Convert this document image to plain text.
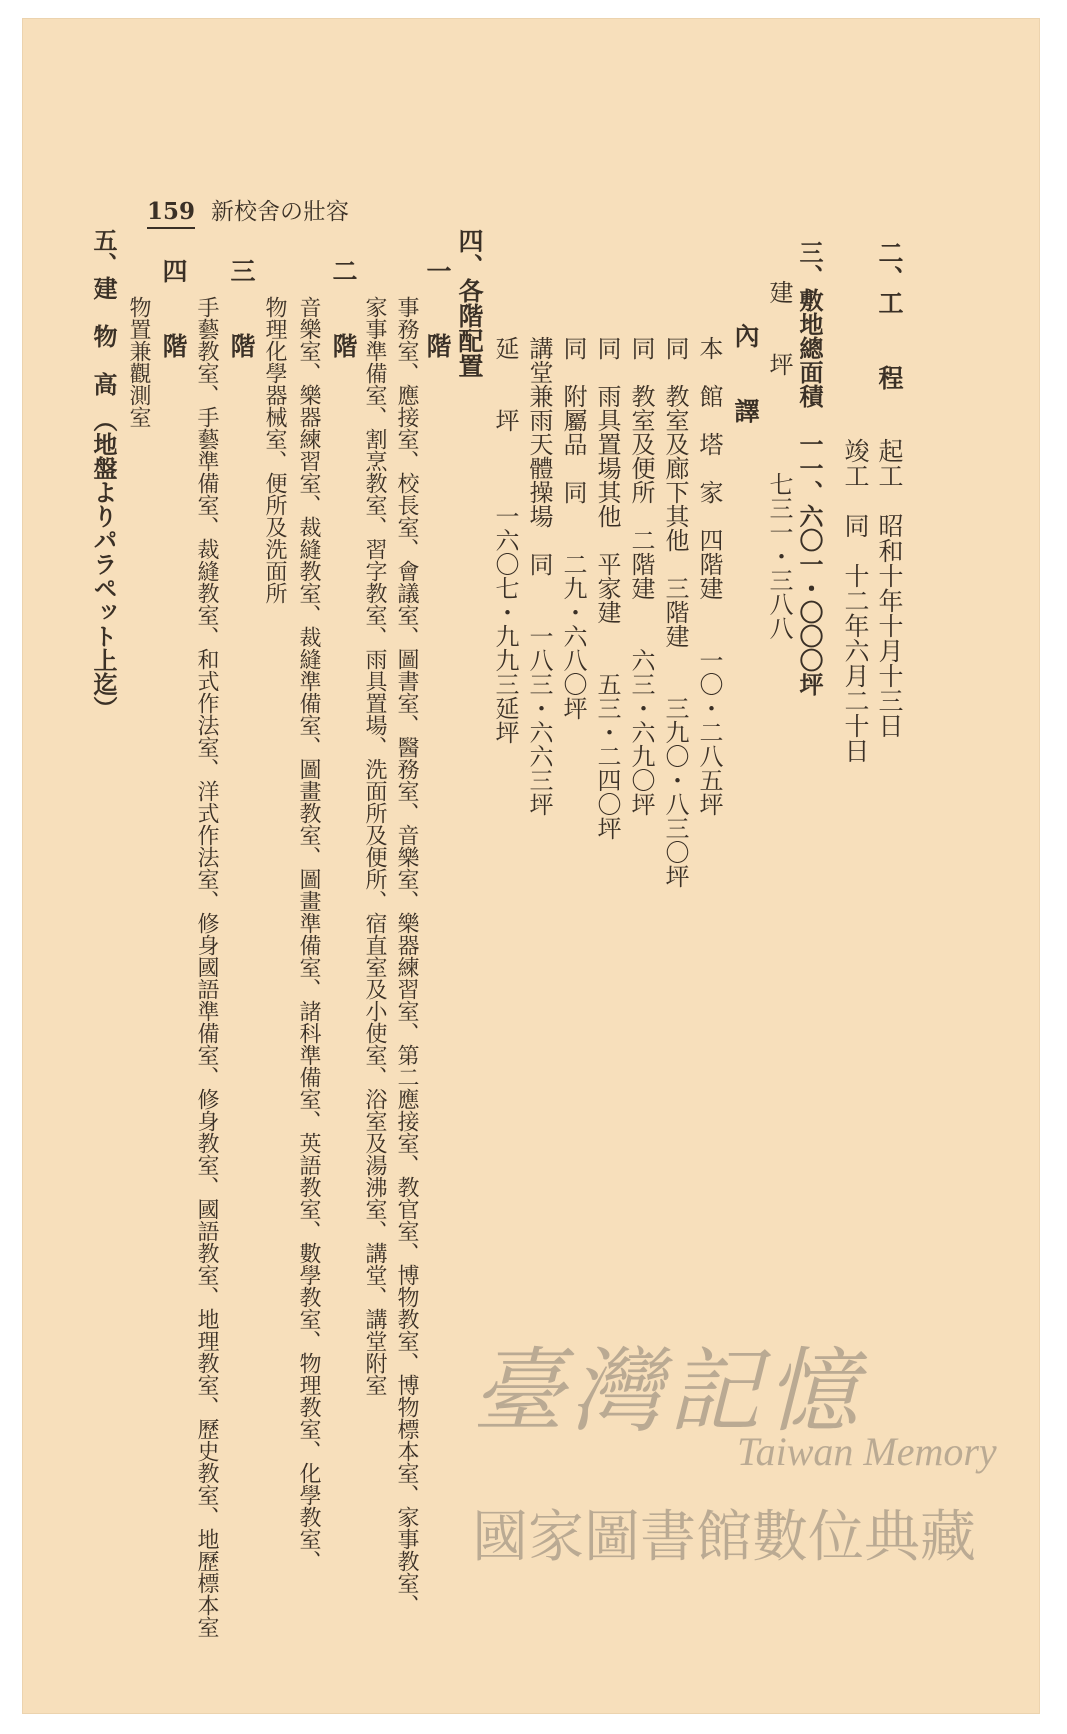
二、工　　程
起工　昭和十年十月十三日
竣工　同　十二年六月二十日
三、敷地總面積　一一、六〇一・〇〇〇坪
建　　坪　　　　七三一・三八八
內　　譯
本　館　塔　家　四階建　　一〇・二八五坪
同　教室及廊下其他　三階建　　三九〇・八三〇坪
同　教室及便所　二階建　　六三・六九〇坪
同　雨具置場其他　平家建　　五三・二四〇坪
同　附屬品　同　　二九・六八〇坪
講堂兼雨天體操場　同　　一八三・六六三坪
延　　坪　　　一六〇七・九九三延坪
四、各階配置
一　　階
事務室、應接室、校長室、會議室、圖書室、醫務室、音樂室、樂器練習室、第二應接室、教官室、博物教室、博物標本室、家事教室、
家事準備室、割烹教室、習字教室、雨具置場、洗面所及便所、宿直室及小使室、浴室及湯沸室、講堂、講堂附室
二　　階
音樂室、樂器練習室、裁縫教室、裁縫準備室、圖畫教室、圖畫準備室、諸科準備室、英語教室、數學教室、物理教室、化學教室、
物理化學器械室、便所及洗面所
三　　階
手藝教室、手藝準備室、裁縫教室、和式作法室、洋式作法室、修身國語準備室、修身教室、國語教室、地理教室、歷史教室、地歷標本室
四　　階
物置兼觀測室
五、建　物　高　（地盤よりパラペット上迄）
159 新校舍の壯容
臺灣記憶
Taiwan Memory
國家圖書館數位典藏
